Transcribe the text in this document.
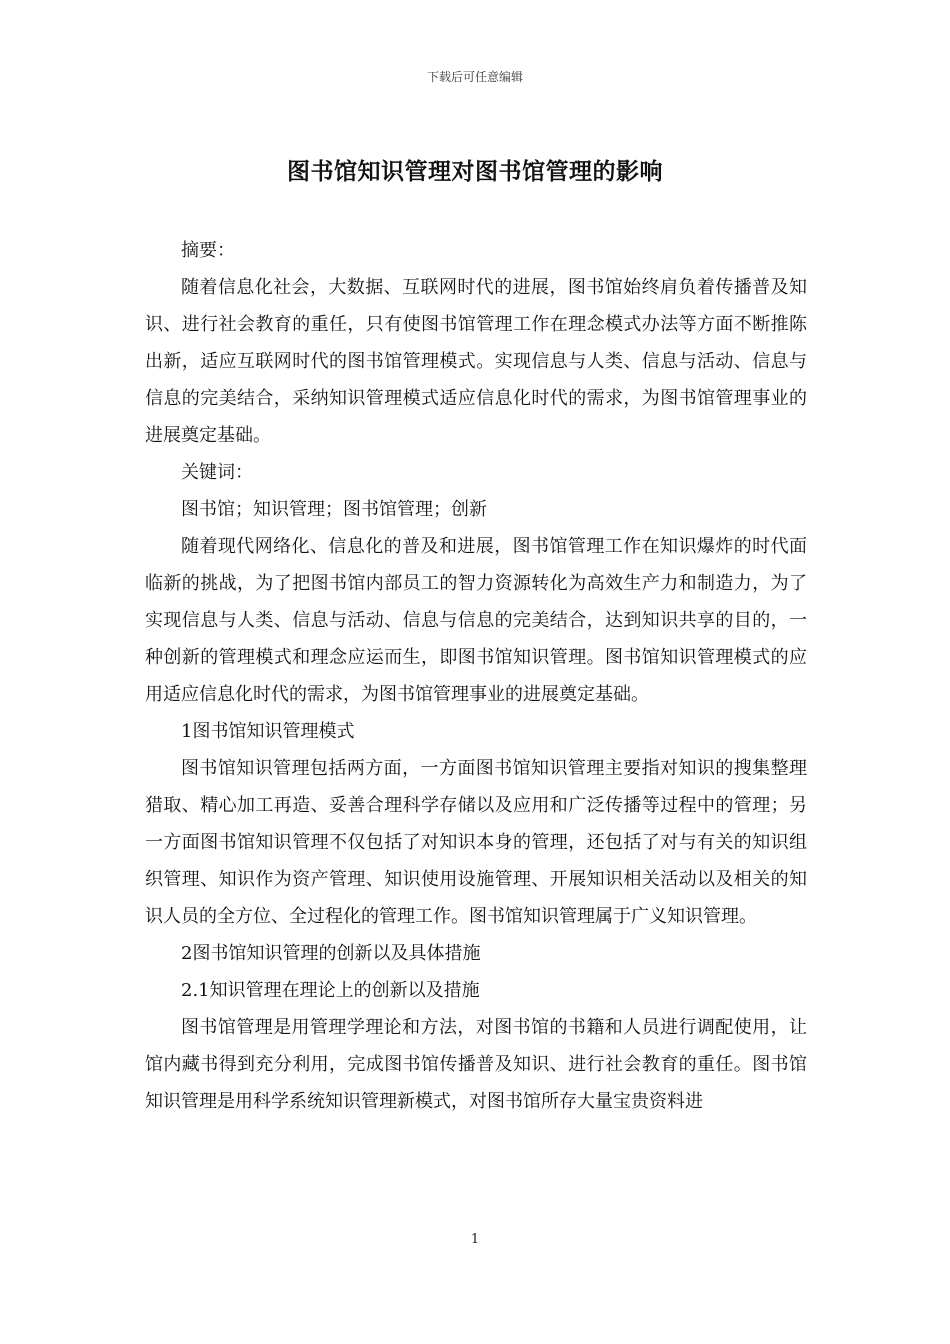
下载后可任意编辑
图书馆知识管理对图书馆管理的影响

摘要：

随着信息化社会，大数据、互联网时代的进展，图书馆始终肩负着传播普及知识、进行社会教育的重任，只有使图书馆管理工作在理念模式办法等方面不断推陈出新，适应互联网时代的图书馆管理模式。实现信息与人类、信息与活动、信息与信息的完美结合，采纳知识管理模式适应信息化时代的需求，为图书馆管理事业的进展奠定基础。

关键词：

图书馆；知识管理；图书馆管理；创新

随着现代网络化、信息化的普及和进展，图书馆管理工作在知识爆炸的时代面临新的挑战，为了把图书馆内部员工的智力资源转化为高效生产力和制造力，为了实现信息与人类、信息与活动、信息与信息的完美结合，达到知识共享的目的，一种创新的管理模式和理念应运而生，即图书馆知识管理。图书馆知识管理模式的应用适应信息化时代的需求，为图书馆管理事业的进展奠定基础。

1图书馆知识管理模式

图书馆知识管理包括两方面，一方面图书馆知识管理主要指对知识的搜集整理猎取、精心加工再造、妥善合理科学存储以及应用和广泛传播等过程中的管理；另一方面图书馆知识管理不仅包括了对知识本身的管理，还包括了对与有关的知识组织管理、知识作为资产管理、知识使用设施管理、开展知识相关活动以及相关的知识人员的全方位、全过程化的管理工作。图书馆知识管理属于广义知识管理。

2图书馆知识管理的创新以及具体措施

2.1知识管理在理论上的创新以及措施

图书馆管理是用管理学理论和方法，对图书馆的书籍和人员进行调配使用，让馆内藏书得到充分利用，完成图书馆传播普及知识、进行社会教育的重任。图书馆知识管理是用科学系统知识管理新模式，对图书馆所存大量宝贵资料进

1
